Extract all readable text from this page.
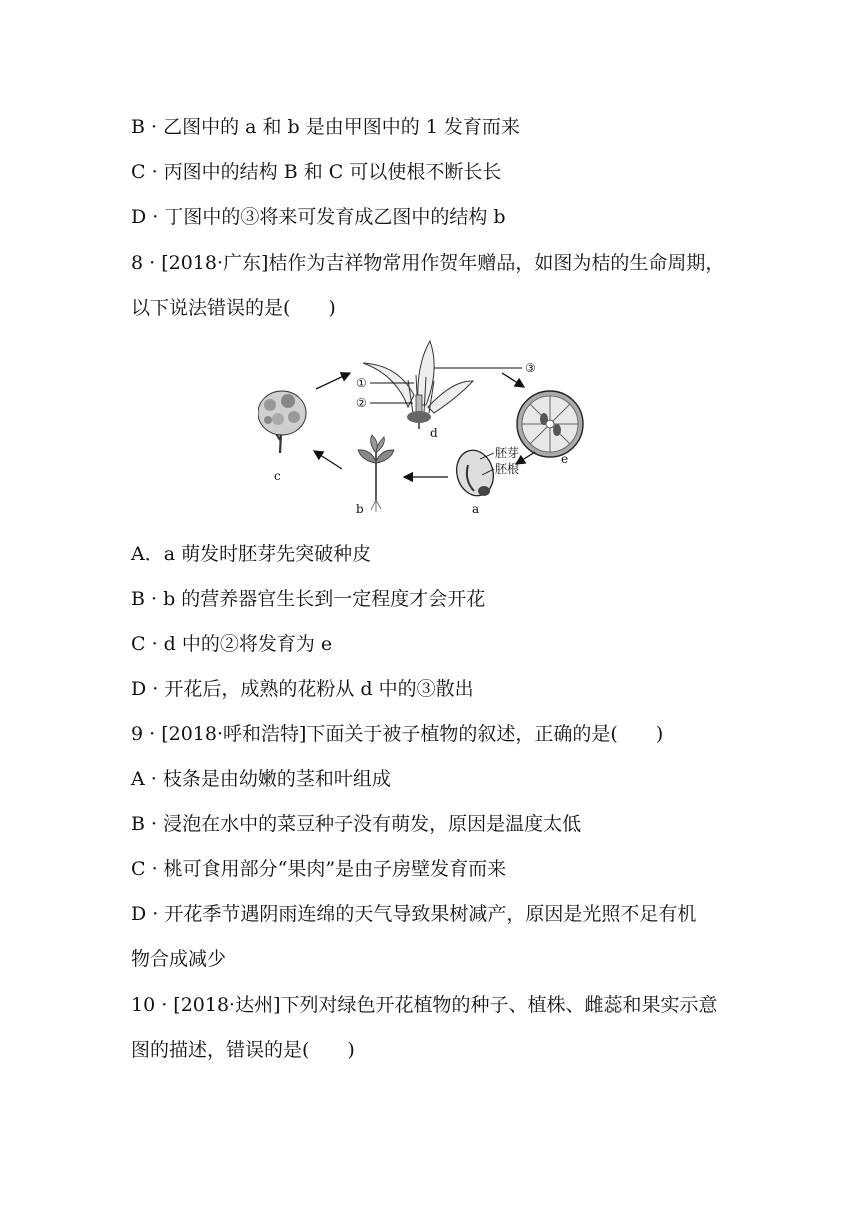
B · 乙图中的 a 和 b 是由甲图中的 1 发育而来
C · 丙图中的结构 B 和 C 可以使根不断长长
D · 丁图中的③将来可发育成乙图中的结构 b
8 · [2018·广东]桔作为吉祥物常用作贺年赠品，如图为桔的生命周期，
以下说法错误的是(　　)
A．a 萌发时胚芽先突破种皮
B · b 的营养器官生长到一定程度才会开花
C · d 中的②将发育为 e
D · 开花后，成熟的花粉从 d 中的③散出
9 · [2018·呼和浩特]下面关于被子植物的叙述，正确的是(　　)
A · 枝条是由幼嫩的茎和叶组成
B · 浸泡在水中的菜豆种子没有萌发，原因是温度太低
C · 桃可食用部分“果肉”是由子房壁发育而来
D · 开花季节遇阴雨连绵的天气导致果树减产，原因是光照不足有机
物合成减少
10 · [2018·达州]下列对绿色开花植物的种子、植株、雌蕊和果实示意
图的描述，错误的是(　　)
c
①
②
③
d
e
胚芽
胚根
a
b
